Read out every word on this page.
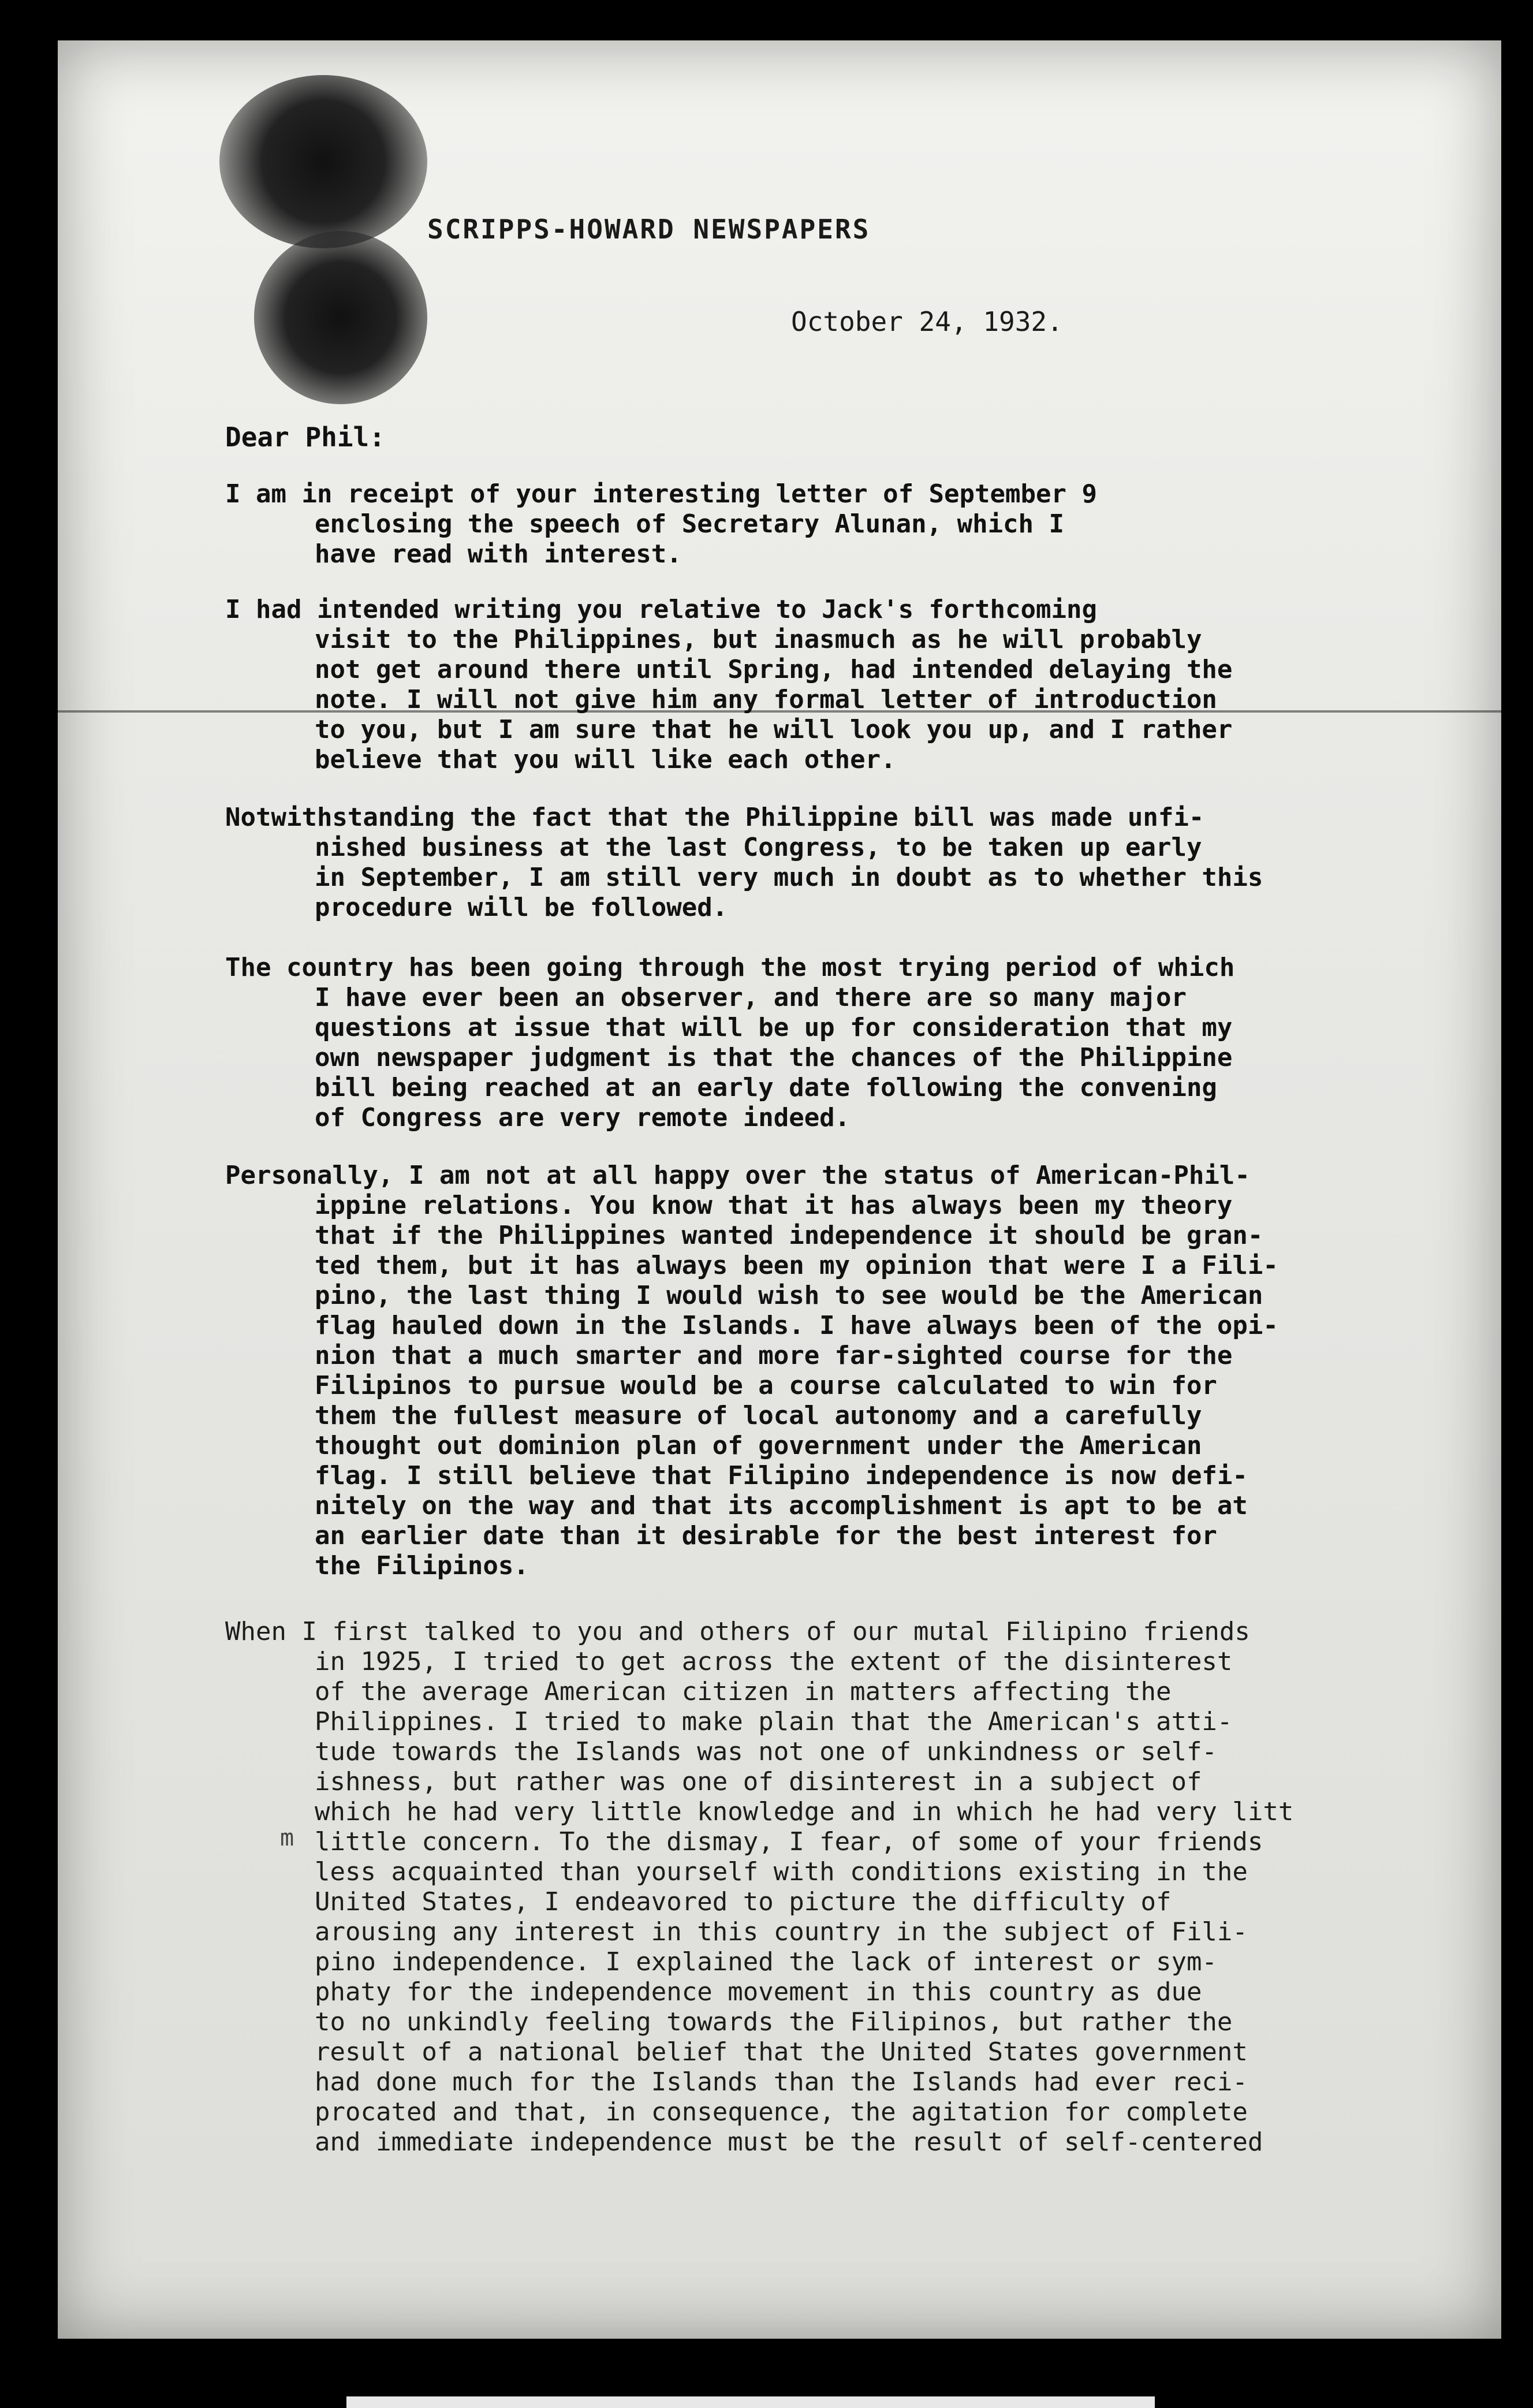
SCRIPPS-HOWARD NEWSPAPERS
October 24, 1932.
Dear Phil:
I am in receipt of your interesting letter of September 9
enclosing the speech of Secretary Alunan, which I
have read with interest.
I had intended writing you relative to Jack's forthcoming
visit to the Philippines, but inasmuch as he will probably
not get around there until Spring, had intended delaying the
note. I will not give him any formal letter of introduction
to you, but I am sure that he will look you up, and I rather
believe that you will like each other.
Notwithstanding the fact that the Philippine bill was made unfi-
nished business at the last Congress, to be taken up early
in September, I am still very much in doubt as to whether this
procedure will be followed.
The country has been going through the most trying period of which
I have ever been an observer, and there are so many major
questions at issue that will be up for consideration that my
own newspaper judgment is that the chances of the Philippine
bill being reached at an early date following the convening
of Congress are very remote indeed.
Personally, I am not at all happy over the status of American-Phil-
ippine relations. You know that it has always been my theory
that if the Philippines wanted independence it should be gran-
ted them, but it has always been my opinion that were I a Fili-
pino, the last thing I would wish to see would be the American
flag hauled down in the Islands. I have always been of the opi-
nion that a much smarter and more far-sighted course for the
Filipinos to pursue would be a course calculated to win for
them the fullest measure of local autonomy and a carefully
thought out dominion plan of government under the American
flag. I still believe that Filipino independence is now defi-
nitely on the way and that its accomplishment is apt to be at
an earlier date than it desirable for the best interest for
the Filipinos.
m
When I first talked to you and others of our mutal Filipino friends
in 1925, I tried to get across the extent of the disinterest
of the average American citizen in matters affecting the
Philippines. I tried to make plain that the American's atti-
tude towards the Islands was not one of unkindness or self-
ishness, but rather was one of disinterest in a subject of
which he had very little knowledge and in which he had very litt
little concern. To the dismay, I fear, of some of your friends
less acquainted than yourself with conditions existing in the
United States, I endeavored to picture the difficulty of
arousing any interest in this country in the subject of Fili-
pino independence. I explained the lack of interest or sym-
phaty for the independence movement in this country as due
to no unkindly feeling towards the Filipinos, but rather the
result of a national belief that the United States government
had done much for the Islands than the Islands had ever reci-
procated and that, in consequence, the agitation for complete
and immediate independence must be the result of self-centered
